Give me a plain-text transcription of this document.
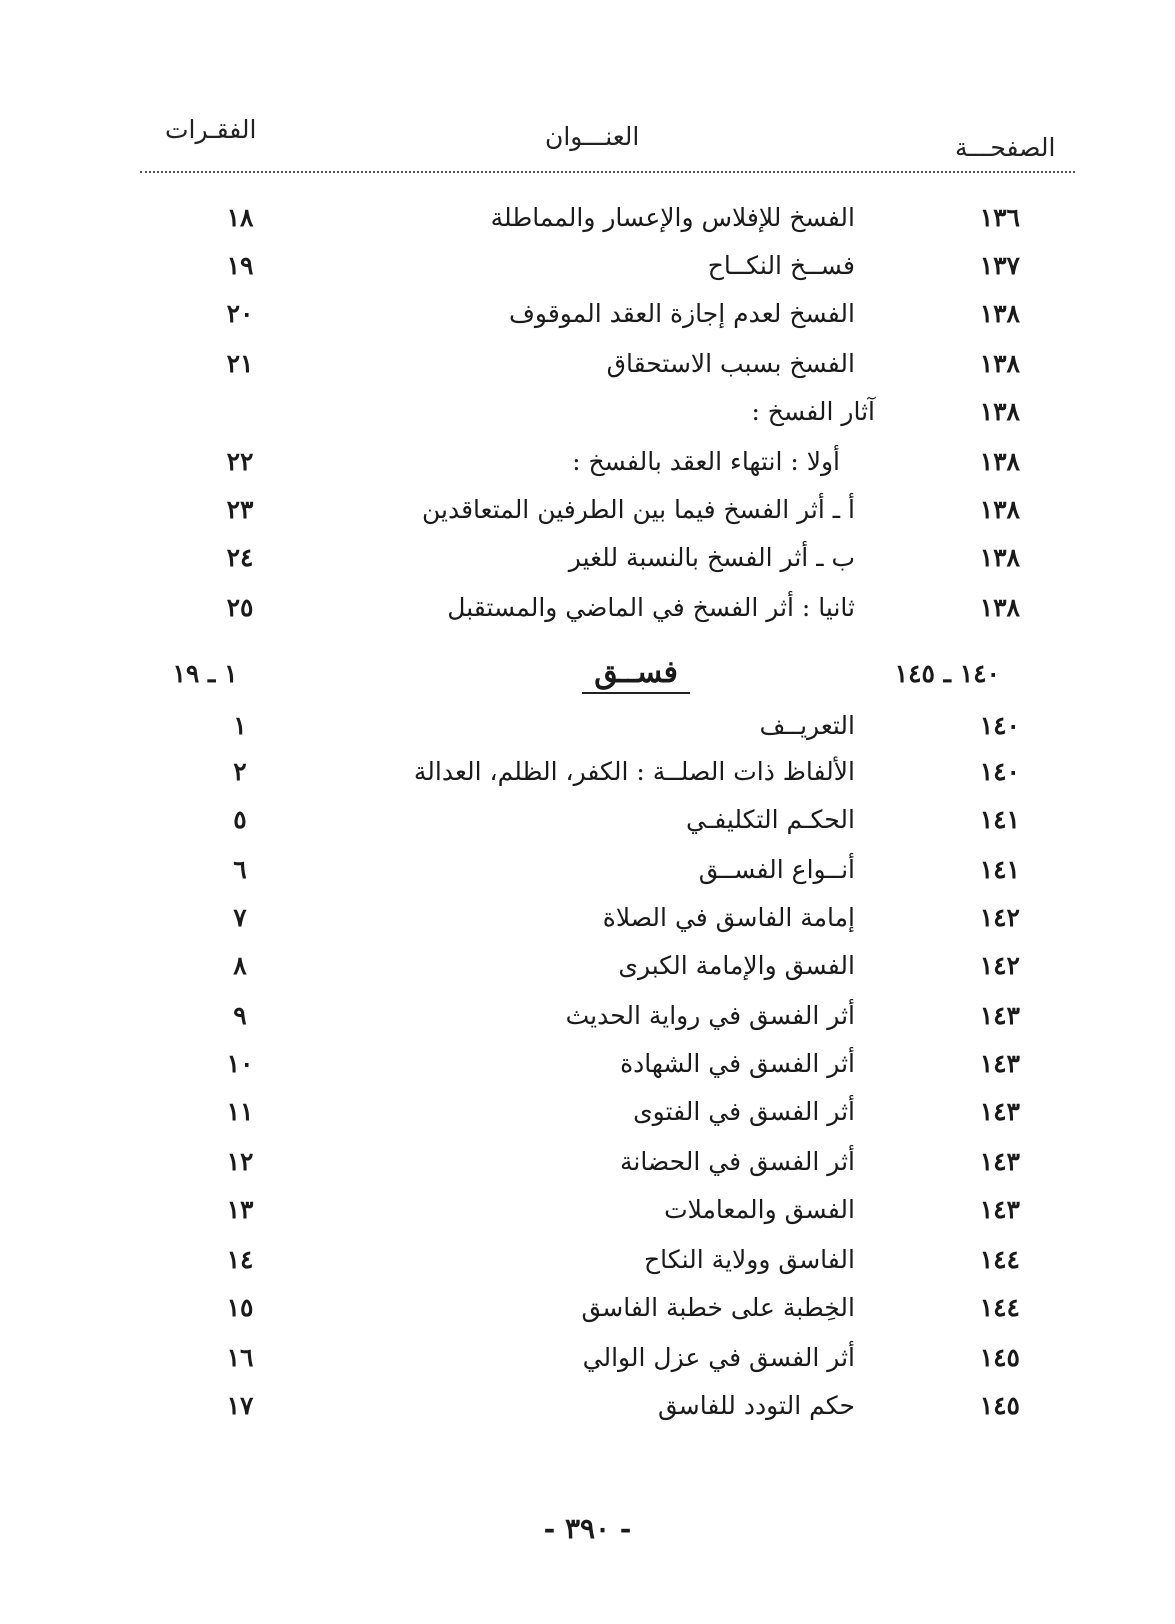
الصفحـــة
العنـــوان
الفقـرات
١٣٦
الفسخ للإفلاس والإعسار والمماطلة
١٨
١٣٧
فســخ النكــاح
١٩
١٣٨
الفسخ لعدم إجازة العقد الموقوف
٢٠
١٣٨
الفسخ بسبب الاستحقاق
٢١
١٣٨
آثار الفسخ :
١٣٨
أولا : انتهاء العقد بالفسخ :
٢٢
١٣٨
أ ـ أثر الفسخ فيما بين الطرفين المتعاقدين
٢٣
١٣٨
ب ـ أثر الفسخ بالنسبة للغير
٢٤
١٣٨
ثانيا : أثر الفسخ في الماضي والمستقبل
٢٥
١٤٠ ـ ١٤٥
فســق
١ ـ ١٩
١٤٠
التعريــف
١
١٤٠
الألفاظ ذات الصلــة : الكفر، الظلم، العدالة
٢
١٤١
الحكـم التكليفـي
٥
١٤١
أنــواع الفســق
٦
١٤٢
إمامة الفاسق في الصلاة
٧
١٤٢
الفسق والإمامة الكبرى
٨
١٤٣
أثر الفسق في رواية الحديث
٩
١٤٣
أثر الفسق في الشهادة
١٠
١٤٣
أثر الفسق في الفتوى
١١
١٤٣
أثر الفسق في الحضانة
١٢
١٤٣
الفسق والمعاملات
١٣
١٤٤
الفاسق وولاية النكاح
١٤
١٤٤
الخِطبة على خطبة الفاسق
١٥
١٤٥
أثر الفسق في عزل الوالي
١٦
١٤٥
حكم التودد للفاسق
١٧
- ٣٩٠ -
